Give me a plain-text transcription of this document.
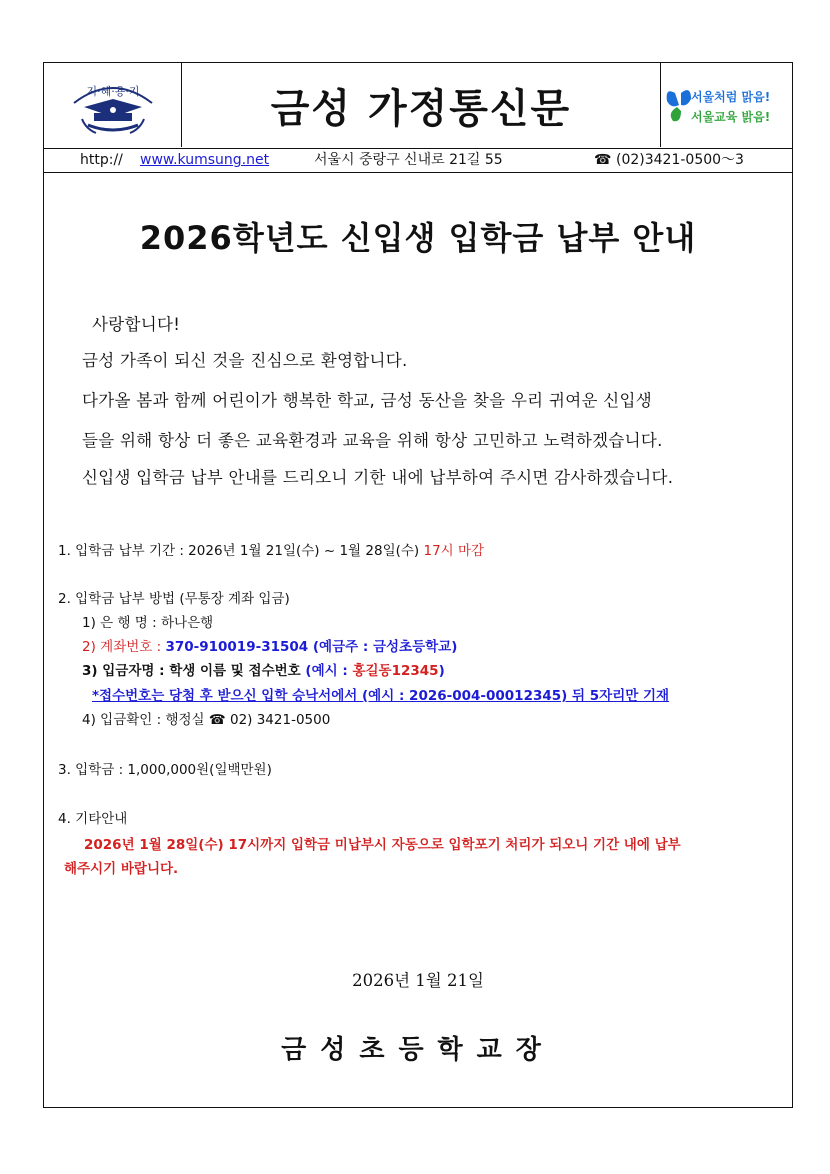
지·혜·용·기	금성 가정통신문	서울처럼 맑음!
서울교육 밝음!
http:// www.kumsung.net	서울시 중랑구 신내로 21길 55	☎ (02)3421-0500～3
2026학년도 신입생 입학금 납부 안내
사랑합니다!
금성 가족이 되신 것을 진심으로 환영합니다.
다가올 봄과 함께 어린이가 행복한 학교, 금성 동산을 찾을 우리 귀여운 신입생
들을 위해 항상 더 좋은 교육환경과 교육을 위해 항상 고민하고 노력하겠습니다.
신입생 입학금 납부 안내를 드리오니 기한 내에 납부하여 주시면 감사하겠습니다.
1. 입학금 납부 기간 : 2026년 1월 21일(수) ~ 1월 28일(수) 17시 마감
2. 입학금 납부 방법 (무통장 계좌 입금)
1) 은 행 명 : 하나은행
2) 계좌번호 : 370-910019-31504 (예금주 : 금성초등학교)
3) 입금자명 : 학생 이름 및 접수번호 (예시 : 홍길동12345)
*접수번호는 당첨 후 받으신 입학 승낙서에서 (예시 : 2026-004-00012345) 뒤 5자리만 기재
4) 입금확인 : 행정실 ☎ 02) 3421-0500
3. 입학금 : 1,000,000원(일백만원)
4. 기타안내
2026년 1월 28일(수) 17시까지 입학금 미납부시 자동으로 입학포기 처리가 되오니 기간 내에 납부
해주시기 바랍니다.
2026년 1월 21일
금성초등학교장
